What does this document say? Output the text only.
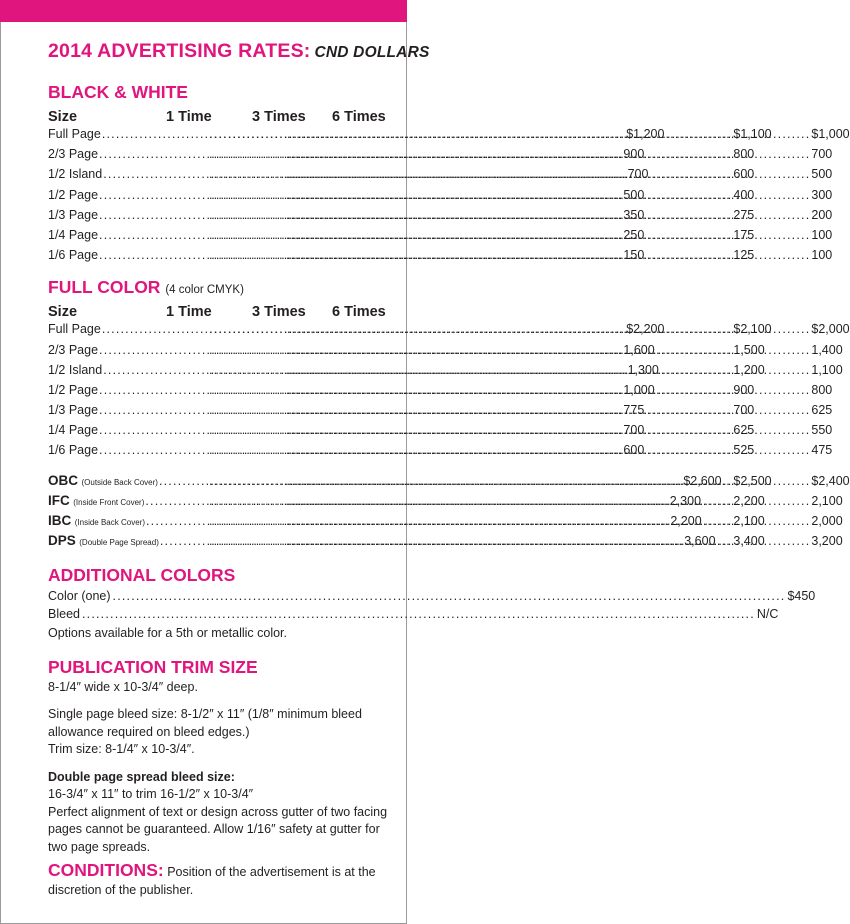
2014 ADVERTISING RATES: CND DOLLARS
BLACK & WHITE
Size	1 Time	3 Times	6 Times
Full Page .....	$1,200 .....	$1,100 .....	$1,000
2/3 Page .....	900 .....	800 .....	700
1/2 Island .....	700 .....	600 .....	500
1/2 Page .....	500 .....	400 .....	300
1/3 Page .....	350 .....	275 .....	200
1/4 Page .....	250 .....	175 .....	100
1/6 Page .....	150 .....	125 .....	100
FULL COLOR (4 color CMYK)
Size	1 Time	3 Times	6 Times
Full Page .....	$2,200 .....	$2,100 .....	$2,000
2/3 Page .....	1,600 .....	1,500 .....	1,400
1/2 Island .....	1,300 .....	1,200 .....	1,100
1/2 Page .....	1,000 .....	900 .....	800
1/3 Page .....	775 .....	700 .....	625
1/4 Page .....	700 .....	625 .....	550
1/6 Page .....	600 .....	525 .....	475
OBC (Outside Back Cover) .....	$2,600 ..... $2,500 .....	$2,400
IFC (Inside Front Cover) .....	2,300 .....	2,200 .....	2,100
IBC (Inside Back Cover) .....	2,200 .....	2,100 .....	2,000
DPS (Double Page Spread) .....	3,600 ..... 3,400 .....	3,200
ADDITIONAL COLORS
Color (one) .....	$450
Bleed .....	N/C
Options available for a 5th or metallic color.
PUBLICATION TRIM SIZE
8-1/4″ wide x 10-3/4″ deep.
Single page bleed size: 8-1/2″ x 11″ (1/8″ minimum bleed allowance required on bleed edges.)
Trim size: 8-1/4″ x 10-3/4″.
Double page spread bleed size:
16-3/4″ x 11″ to trim 16-1/2″ x 10-3/4″
Perfect alignment of text or design across gutter of two facing pages cannot be guaranteed. Allow 1/16″ safety at gutter for two page spreads.
CONDITIONS: Position of the advertisement is at the discretion of the publisher.
